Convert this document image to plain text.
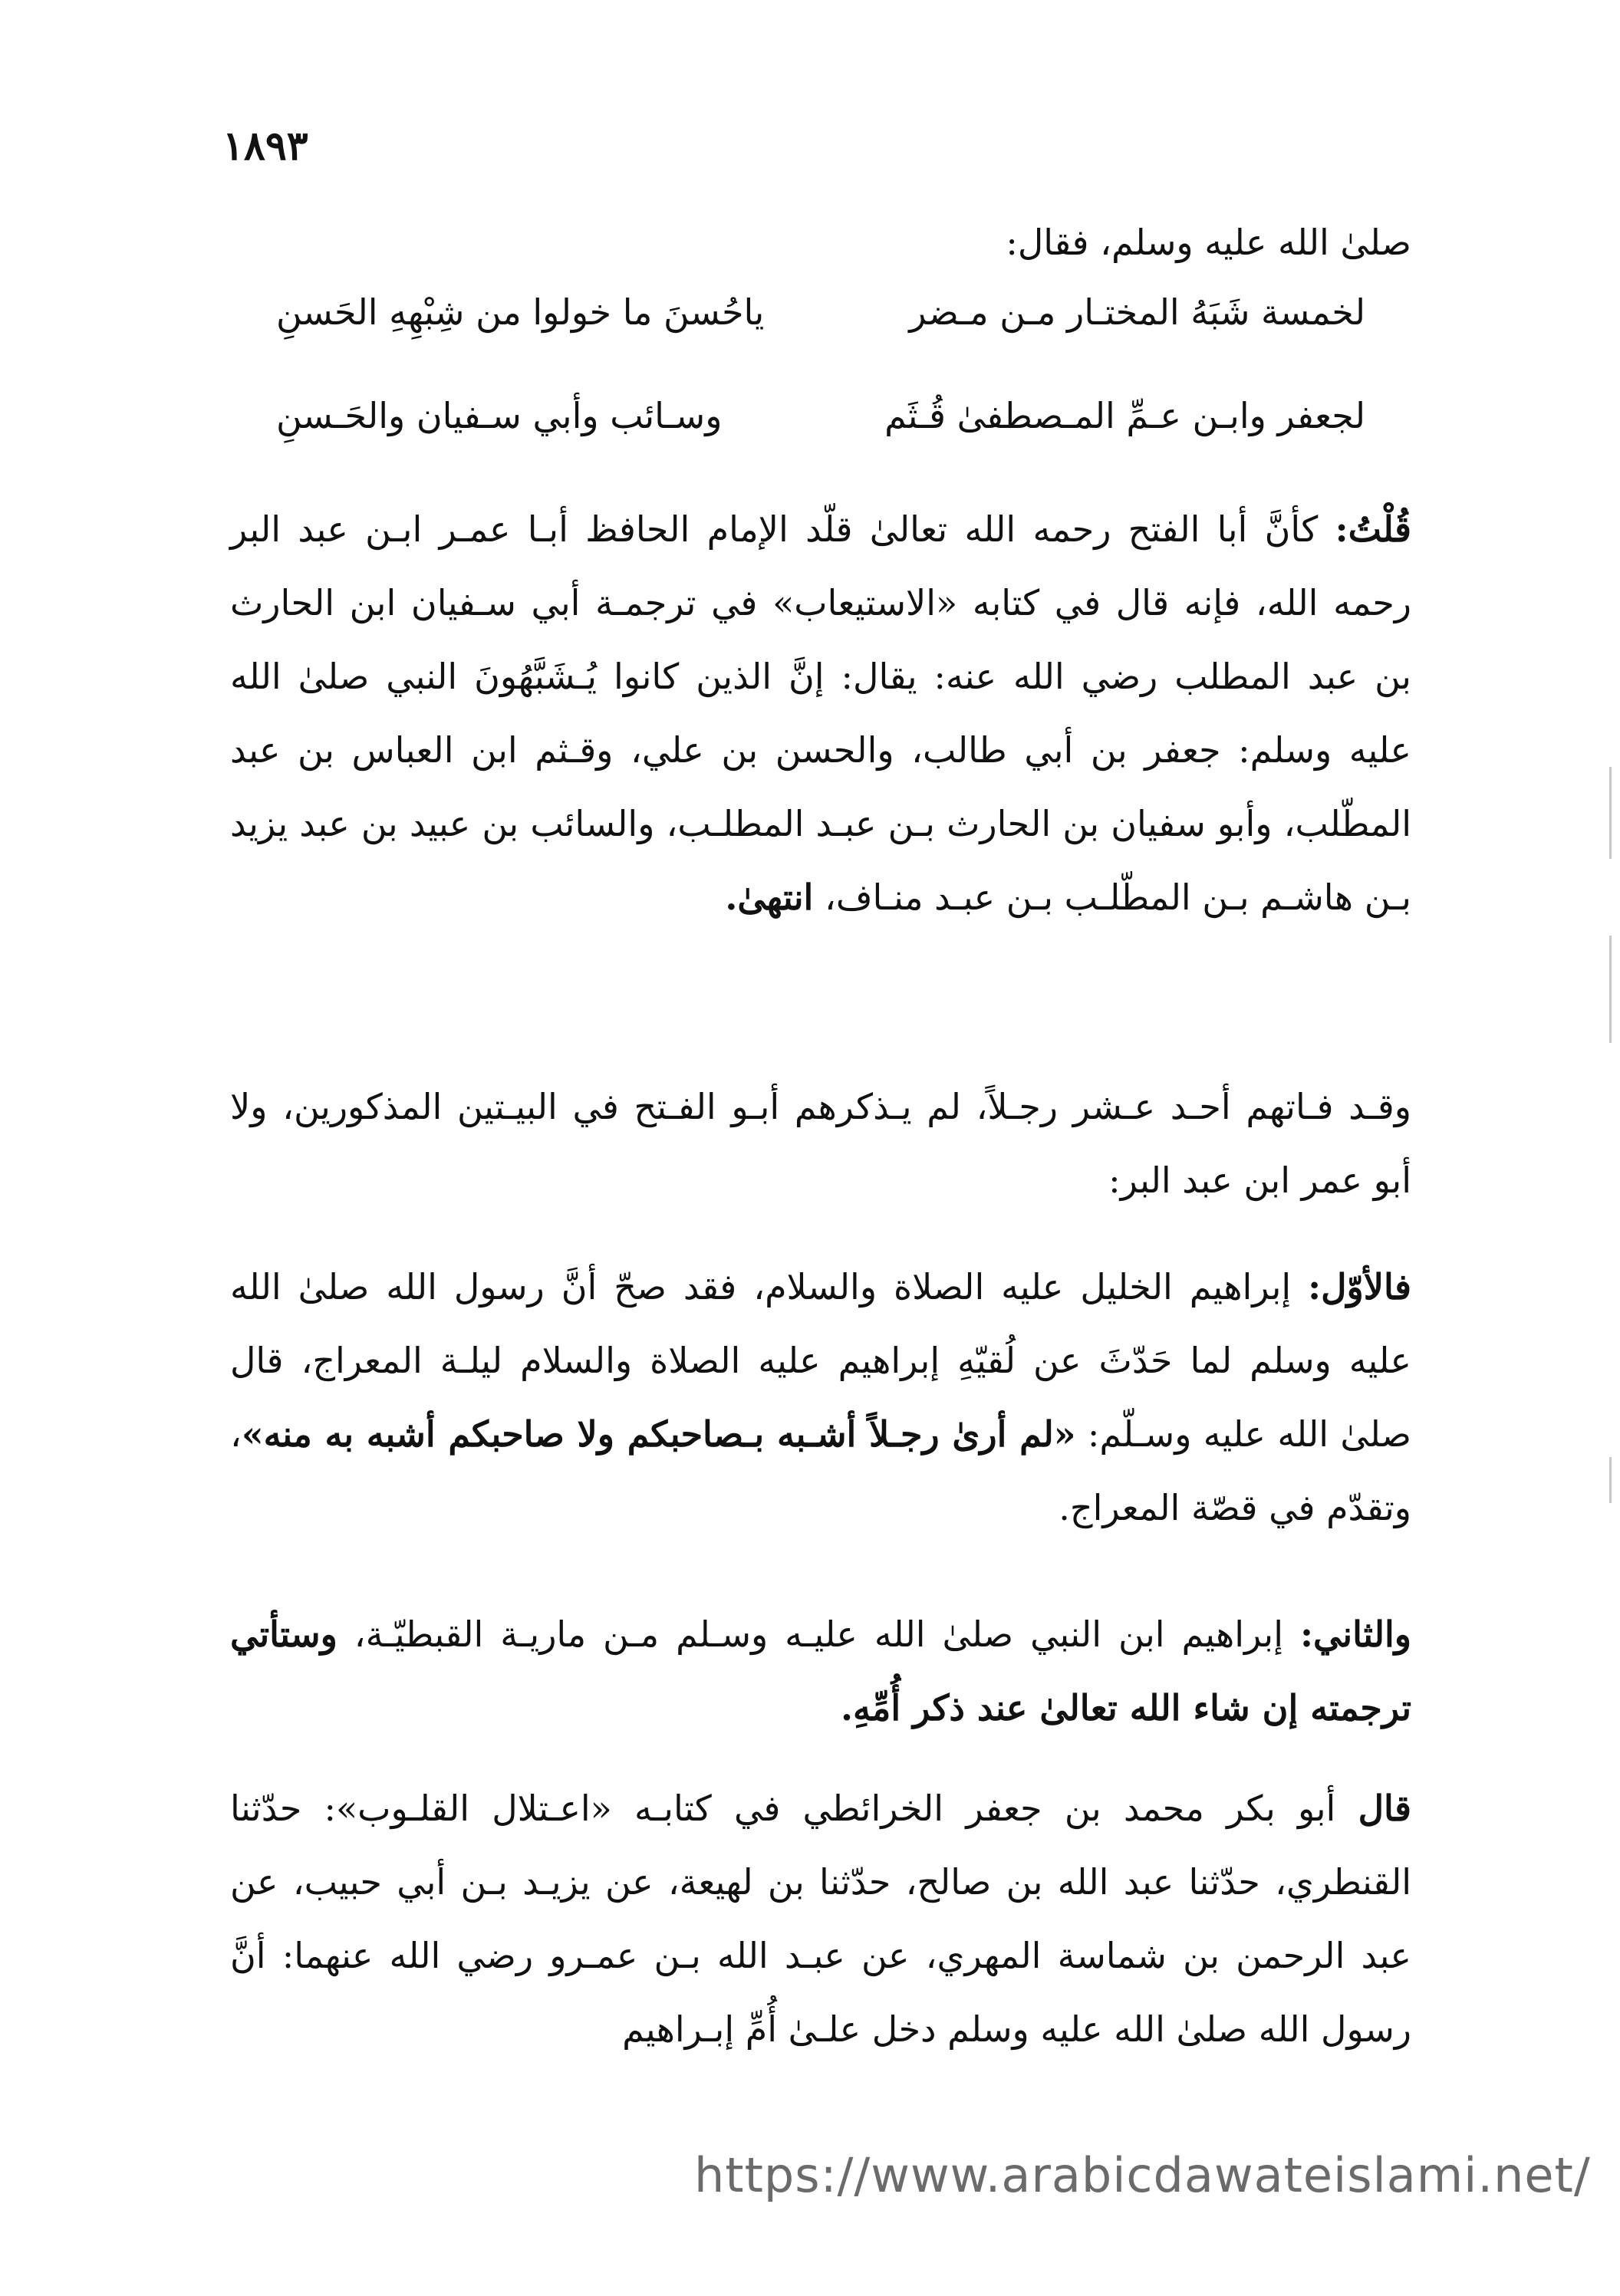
١٨٩٣
صلىٰ الله عليه وسلم، فقال:
لخمسة شَبَهُ المختـار مـن مـضر
ياحُسنَ ما خولوا من شِبْهِهِ الحَسنِ
لجعفر وابـن عـمِّ المـصطفىٰ قُـثَم
وسـائب وأبي سـفيان والحَـسنِ
قُلْتُ: كأنَّ أبا الفتح رحمه الله تعالىٰ قلّد الإمام الحافظ أبـا عمـر ابـن عبد البر رحمه الله، فإنه قال في كتابه «الاستيعاب» في ترجمـة أبي سـفيان ابن الحارث بن عبد المطلب رضي الله عنه: يقال: إنَّ الذين كانوا يُـشَبَّهُونَ النبي صلىٰ الله عليه وسلم: جعفر بن أبي طالب، والحسن بن علي، وقـثم ابن العباس بن عبد المطّلب، وأبو سفيان بن الحارث بـن عبـد المطلـب، والسائب بن عبيد بن عبد يزيد بـن هاشـم بـن المطّلـب بـن عبـد منـاف، انتهىٰ.
وقـد فـاتهم أحـد عـشر رجـلاً، لم يـذكرهم أبـو الفـتح في البيـتين المذكورين، ولا أبو عمر ابن عبد البر:
فالأوّل: إبراهيم الخليل عليه الصلاة والسلام، فقد صحّ أنَّ رسول الله صلىٰ الله عليه وسلم لما حَدّثَ عن لُقيّهِ إبراهيم عليه الصلاة والسلام ليلـة المعراج، قال صلىٰ الله عليه وسـلّم: «لم أرىٰ رجـلاً أشـبه بـصاحبكم ولا صاحبكم أشبه به منه»، وتقدّم في قصّة المعراج.
والثاني: إبراهيم ابن النبي صلىٰ الله عليـه وسـلم مـن ماريـة القبطيّـة، وستأتي ترجمته إن شاء الله تعالىٰ عند ذكر أُمِّهِ.
قال أبو بكر محمد بن جعفر الخرائطي في كتابـه «اعـتلال القلـوب»: حدّثنا القنطري، حدّثنا عبد الله بن صالح، حدّثنا بن لهيعة، عن يزيـد بـن أبي حبيب، عن عبد الرحمن بن شماسة المهري، عن عبـد الله بـن عمـرو رضي الله عنهما: أنَّ رسول الله صلىٰ الله عليه وسلم دخل علـىٰ أُمِّ إبـراهيم
https://www.arabicdawateislami.net/
